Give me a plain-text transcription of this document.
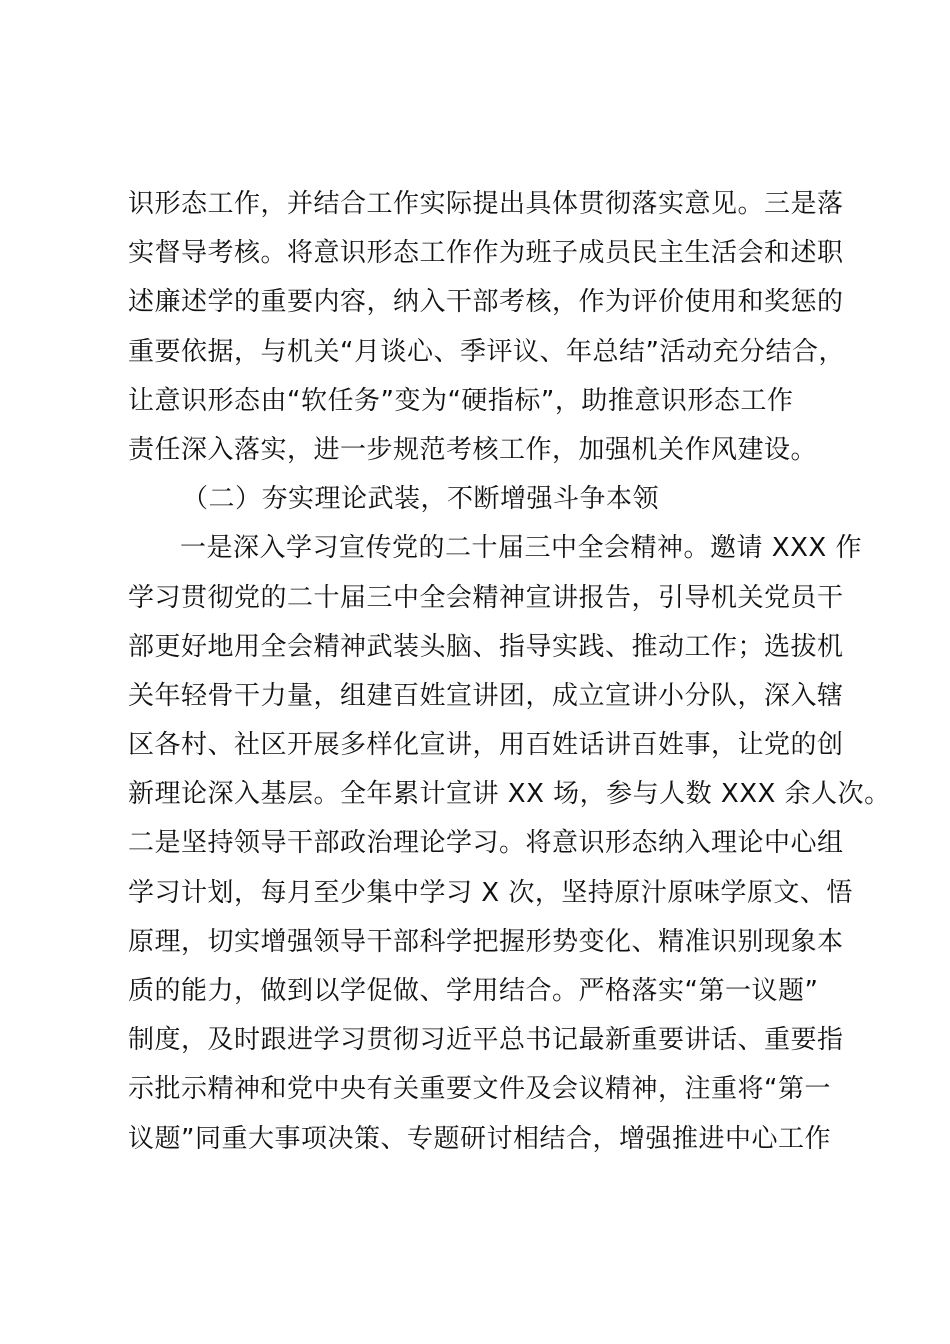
识形态工作，并结合工作实际提出具体贯彻落实意见。三是落
实督导考核。将意识形态工作作为班子成员民主生活会和述职
述廉述学的重要内容，纳入干部考核，作为评价使用和奖惩的
重要依据，与机关“月谈心、季评议、年总结”活动充分结合，
让意识形态由“软任务”变为“硬指标”，助推意识形态工作
责任深入落实，进一步规范考核工作，加强机关作风建设。
（二）夯实理论武装，不断增强斗争本领
一是深入学习宣传党的二十届三中全会精神。邀请 XXX 作
学习贯彻党的二十届三中全会精神宣讲报告，引导机关党员干
部更好地用全会精神武装头脑、指导实践、推动工作；选拔机
关年轻骨干力量，组建百姓宣讲团，成立宣讲小分队，深入辖
区各村、社区开展多样化宣讲，用百姓话讲百姓事，让党的创
新理论深入基层。全年累计宣讲 XX 场，参与人数 XXX 余人次。
二是坚持领导干部政治理论学习。将意识形态纳入理论中心组
学习计划，每月至少集中学习 X 次，坚持原汁原味学原文、悟
原理，切实增强领导干部科学把握形势变化、精准识别现象本
质的能力，做到以学促做、学用结合。严格落实“第一议题”
制度，及时跟进学习贯彻习近平总书记最新重要讲话、重要指
示批示精神和党中央有关重要文件及会议精神，注重将“第一
议题”同重大事项决策、专题研讨相结合，增强推进中心工作
